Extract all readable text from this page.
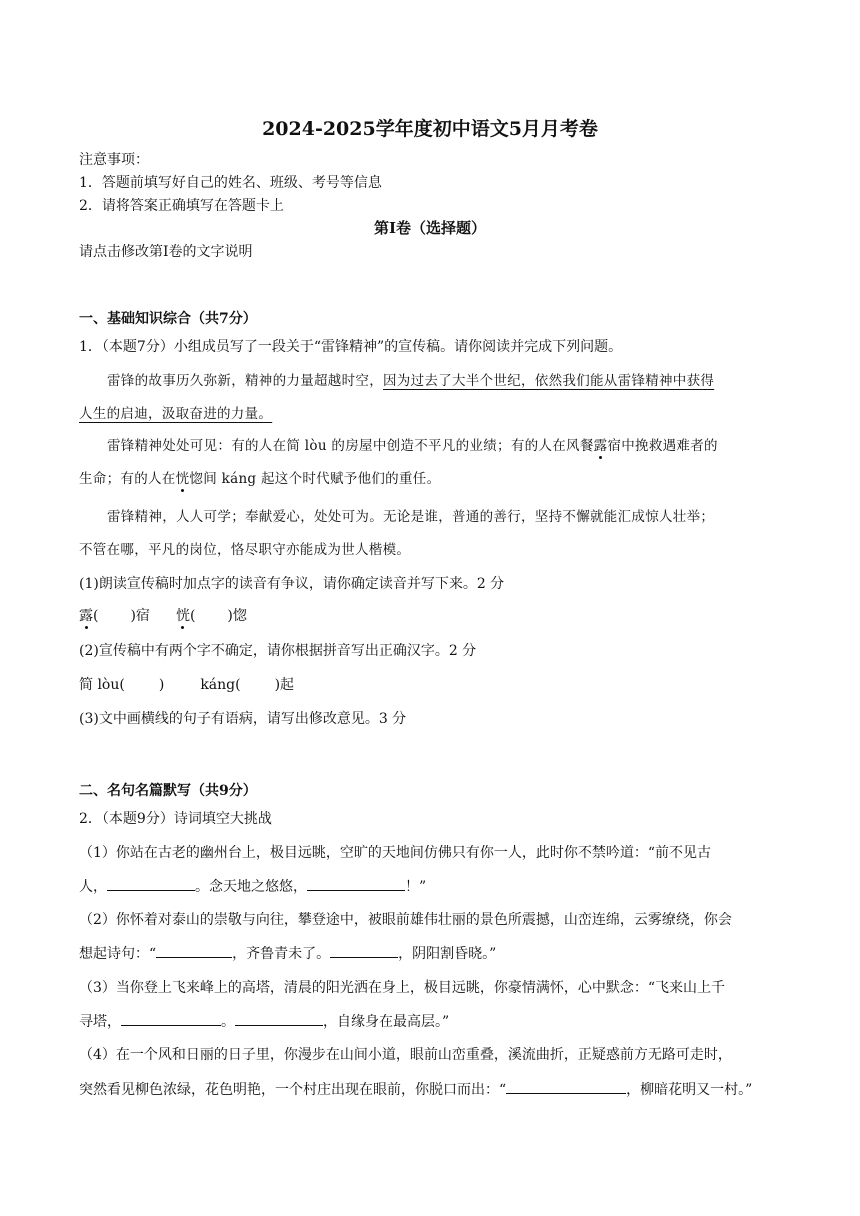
2024-2025学年度初中语文5月月考卷
注意事项：
1．答题前填写好自己的姓名、班级、考号等信息
2．请将答案正确填写在答题卡上
第Ⅰ卷（选择题）
请点击修改第Ⅰ卷的文字说明
一、基础知识综合（共7分）
1．（本题7分）小组成员写了一段关于“雷锋精神”的宣传稿。请你阅读并完成下列问题。
雷锋的故事历久弥新，精神的力量超越时空，因为过去了大半个世纪，依然我们能从雷锋精神中获得
人生的启迪，汲取奋进的力量。
雷锋精神处处可见：有的人在简 lòu 的房屋中创造不平凡的业绩；有的人在风餐露宿中挽救遇难者的
生命；有的人在恍惚间 káng 起这个时代赋予他们的重任。
雷锋精神，人人可学；奉献爱心，处处可为。无论是谁，普通的善行，坚持不懈就能汇成惊人壮举；
不管在哪，平凡的岗位，恪尽职守亦能成为世人楷模。
(1)朗读宣传稿时加点字的读音有争议，请你确定读音并写下来。2 分
露( )宿 恍( )惚
(2)宣传稿中有两个字不确定，请你根据拼音写出正确汉字。2 分
简 lòu( )	káng( )起
(3)文中画横线的句子有语病，请写出修改意见。3 分
二、名句名篇默写（共9分）
2．（本题9分）诗词填空大挑战
（1）你站在古老的幽州台上，极目远眺，空旷的天地间仿佛只有你一人，此时你不禁吟道：“前不见古
人，	。念天地之悠悠，	！”
（2）你怀着对泰山的崇敬与向往，攀登途中，被眼前雄伟壮丽的景色所震撼，山峦连绵，云雾缭绕，你会
想起诗句：“	，齐鲁青未了。	，阴阳割昏晓。”
（3）当你登上飞来峰上的高塔，清晨的阳光洒在身上，极目远眺，你豪情满怀，心中默念：“飞来山上千
寻塔，	。	，自缘身在最高层。”
（4）在一个风和日丽的日子里，你漫步在山间小道，眼前山峦重叠，溪流曲折，正疑惑前方无路可走时，
突然看见柳色浓绿，花色明艳，一个村庄出现在眼前，你脱口而出：“	，柳暗花明又一村。”
